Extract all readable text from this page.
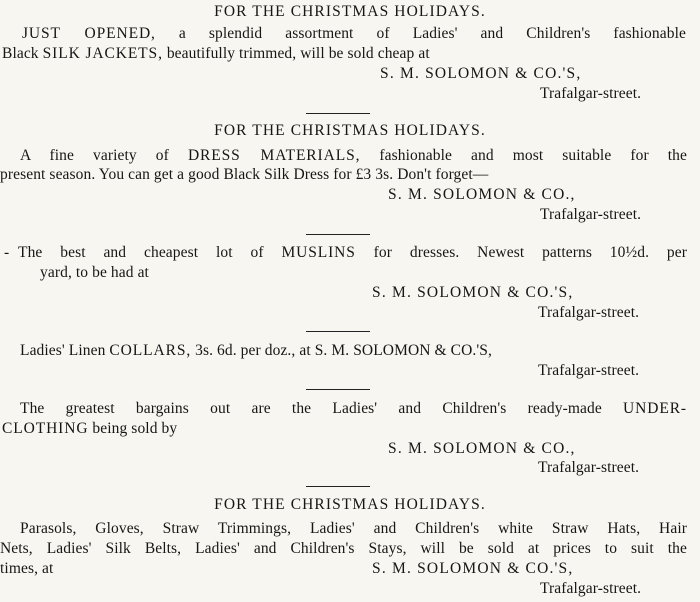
FOR THE CHRISTMAS HOLIDAYS.
JUST OPENED, a splendid assortment of Ladies' and Children's fashionable
Black SILK JACKETS, beautifully trimmed, will be sold cheap at
S. M. SOLOMON & CO.'S,
Trafalgar-street.
FOR THE CHRISTMAS HOLIDAYS.
A fine variety of DRESS MATERIALS, fashionable and most suitable for the
present season. You can get a good Black Silk Dress for £3 3s. Don't forget—
S. M. SOLOMON & CO.,
Trafalgar-street.
- The best and cheapest lot of MUSLINS for dresses. Newest patterns 10½d. per
yard, to be had at
S. M. SOLOMON & CO.'S,
Trafalgar-street.
Ladies' Linen COLLARS, 3s. 6d. per doz., at S. M. SOLOMON & CO.'S,
Trafalgar-street.
The greatest bargains out are the Ladies' and Children's ready-made UNDER-
CLOTHING being sold by
S. M. SOLOMON & CO.,
Trafalgar-street.
FOR THE CHRISTMAS HOLIDAYS.
Parasols, Gloves, Straw Trimmings, Ladies' and Children's white Straw Hats, Hair
Nets, Ladies' Silk Belts, Ladies' and Children's Stays, will be sold at prices to suit the
times, at	S. M. SOLOMON & CO.'S,
Trafalgar-street.
